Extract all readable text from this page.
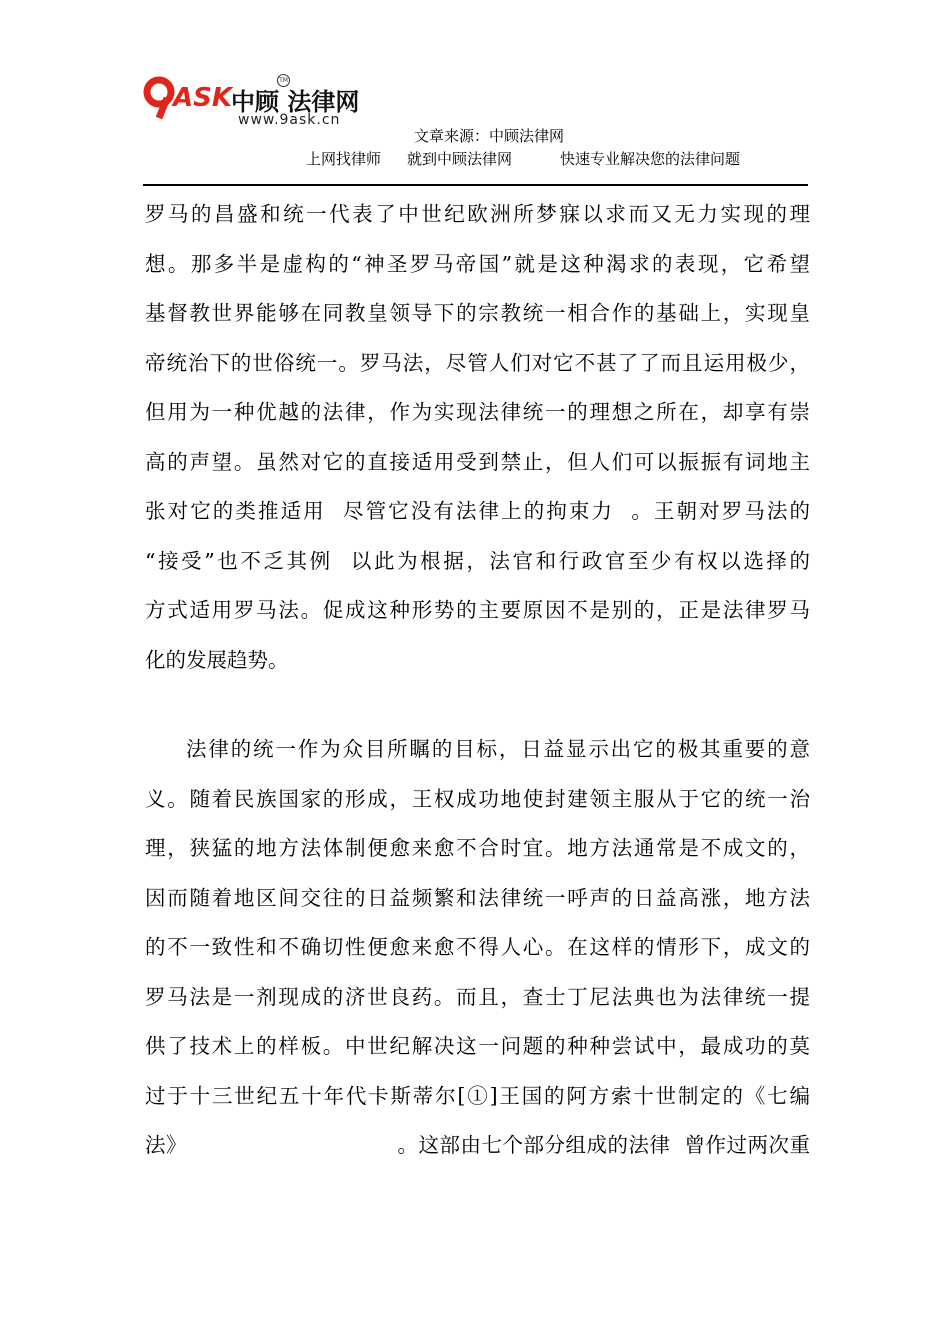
ASK 中顾 法律网
TM
www.9ask.cn
文章来源：中顾法律网
上网找律师 就到中顾法律网	快速专业解决您的法律问题
罗马的昌盛和统一代表了中世纪欧洲所梦寐以求而又无力实现的理
想。那多半是虚构的“神圣罗马帝国”就是这种渴求的表现，它希望
基督教世界能够在同教皇领导下的宗教统一相合作的基础上，实现皇
帝统治下的世俗统一。罗马法，尽管人们对它不甚了了而且运用极少，
但用为一种优越的法律，作为实现法律统一的理想之所在，却享有崇
高的声望。虽然对它的直接适用受到禁止，但人们可以振振有词地主
张对它的类推适用  尽管它没有法律上的拘束力  。王朝对罗马法的
“接受”也不乏其例  以此为根据，法官和行政官至少有权以选择的
方式适用罗马法。促成这种形势的主要原因不是别的，正是法律罗马
化的发展趋势。
法律的统一作为众目所瞩的目标，日益显示出它的极其重要的意
义。随着民族国家的形成，王权成功地使封建领主服从于它的统一治
理，狭猛的地方法体制便愈来愈不合时宜。地方法通常是不成文的，
因而随着地区间交往的日益频繁和法律统一呼声的日益高涨，地方法
的不一致性和不确切性便愈来愈不得人心。在这样的情形下，成文的
罗马法是一剂现成的济世良药。而且，查士丁尼法典也为法律统一提
供了技术上的样板。中世纪解决这一问题的种种尝试中，最成功的莫
过于十三世纪五十年代卡斯蒂尔[①]王国的阿方索十世制定的《七编
法》                              。这部由七个部分组成的法律  曾作过两次重
